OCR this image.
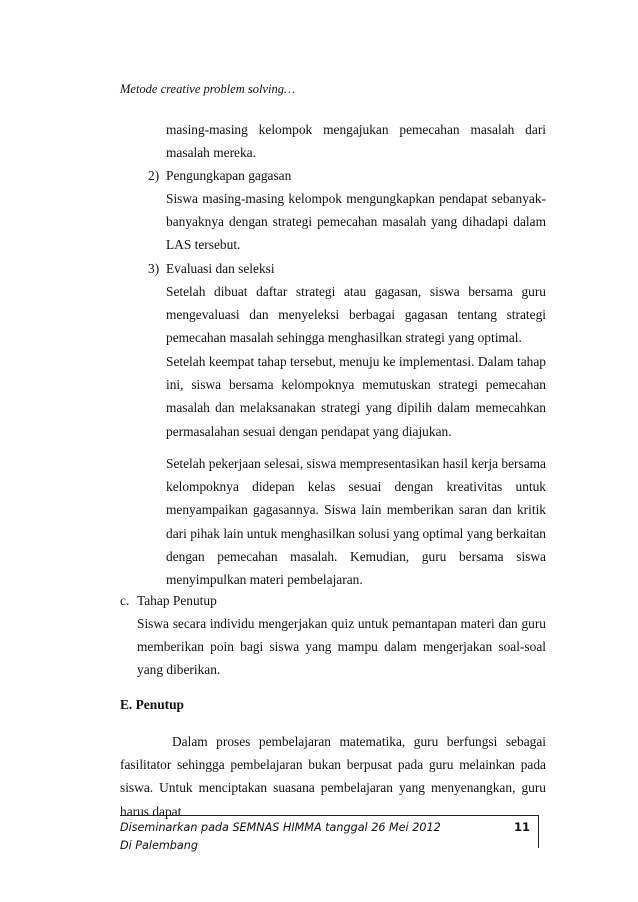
Metode creative problem solving…

masing-masing kelompok mengajukan pemecahan masalah dari masalah mereka.

2) Pengungkapan gagasan

Siswa masing-masing kelompok mengungkapkan pendapat sebanyak-banyaknya dengan strategi pemecahan masalah yang dihadapi dalam LAS tersebut.

3) Evaluasi dan seleksi

Setelah dibuat daftar strategi atau gagasan, siswa bersama guru mengevaluasi dan menyeleksi berbagai gagasan tentang strategi pemecahan masalah sehingga menghasilkan strategi yang optimal.

Setelah keempat tahap tersebut, menuju ke implementasi. Dalam tahap ini, siswa bersama kelompoknya memutuskan strategi pemecahan masalah dan melaksanakan strategi yang dipilih dalam memecahkan permasalahan sesuai dengan pendapat yang diajukan.

Setelah pekerjaan selesai, siswa mempresentasikan hasil kerja bersama kelompoknya didepan kelas sesuai dengan kreativitas untuk menyampaikan gagasannya. Siswa lain memberikan saran dan kritik dari pihak lain untuk menghasilkan solusi yang optimal yang berkaitan dengan pemecahan masalah. Kemudian, guru bersama siswa menyimpulkan materi pembelajaran.

c. Tahap Penutup

Siswa secara individu mengerjakan quiz untuk pemantapan materi dan guru memberikan poin bagi siswa yang mampu dalam mengerjakan soal-soal yang diberikan.

E. Penutup

Dalam proses pembelajaran matematika, guru berfungsi sebagai fasilitator sehingga pembelajaran bukan berpusat pada guru melainkan pada siswa. Untuk menciptakan suasana pembelajaran yang menyenangkan, guru harus dapat

Diseminarkan pada SEMNAS HIMMA tanggal 26 Mei 2012
Di Palembang
11
